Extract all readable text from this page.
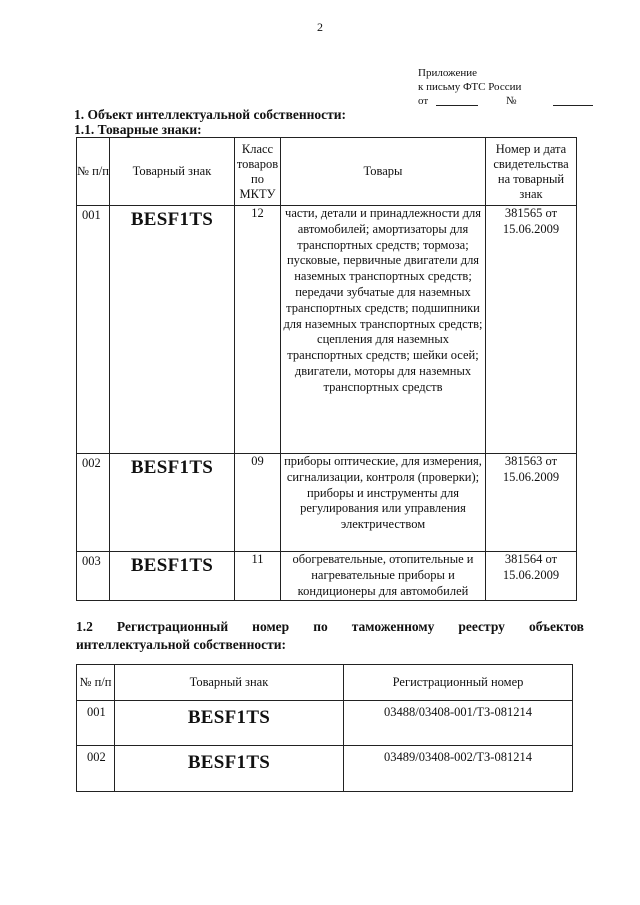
2
Приложение
к письму ФТС России
от	№
1. Объект интеллектуальной собственности:
1.1. Товарные знаки:
№ п/п	Товарный знак	Класс товаров по МКТУ	Товары	Номер и дата свидетельства на товарный знак
001	BESF1TS	12	части, детали и принадлежности для автомобилей; амортизаторы для транспортных средств; тормоза; пусковые, первичные двигатели для наземных транспортных средств; передачи зубчатые для наземных транспортных средств; подшипники для наземных транспортных средств; сцепления для наземных транспортных средств; шейки осей; двигатели, моторы для наземных транспортных средств	381565 от 15.06.2009
002	BESF1TS	09	приборы оптические, для измерения, сигнализации, контроля (проверки); приборы и инструменты для регулирования или управления электричеством	381563 от 15.06.2009
003	BESF1TS	11	обогревательные, отопительные и нагревательные приборы и кондиционеры для автомобилей	381564 от 15.06.2009
1.2 Регистрационный номер по таможенному реестру объектов
интеллектуальной собственности:
№ п/п	Товарный знак	Регистрационный номер
001	BESF1TS	03488/03408-001/ТЗ-081214
002	BESF1TS	03489/03408-002/ТЗ-081214
